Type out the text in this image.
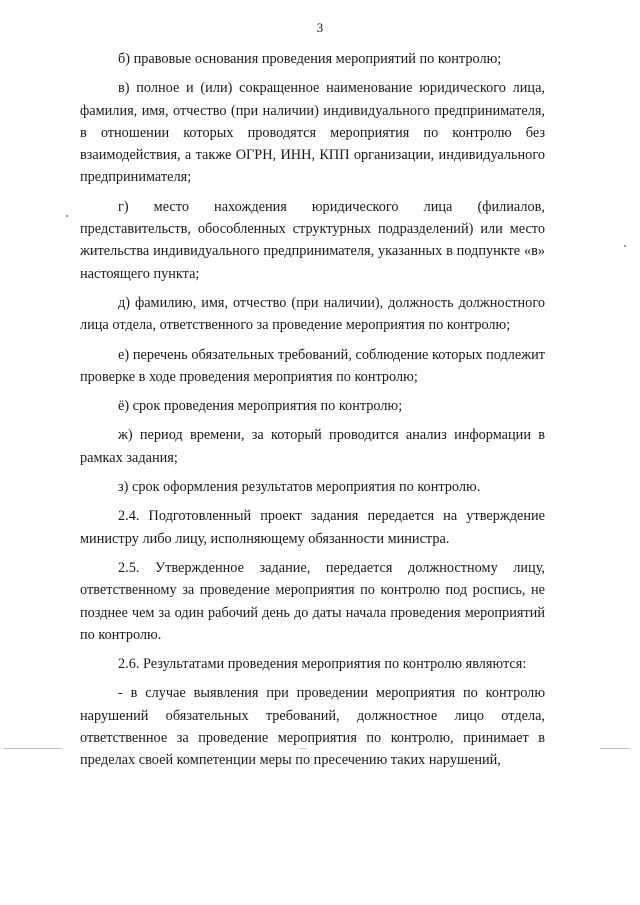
3

б) правовые основания проведения мероприятий по контролю;

в) полное и (или) сокращенное наименование юридического лица, фамилия, имя, отчество (при наличии) индивидуального предпринимателя, в отношении которых проводятся мероприятия по контролю без взаимодействия, а также ОГРН, ИНН, КПП организации, индивидуального предпринимателя;

г) место нахождения юридического лица (филиалов, представительств, обособленных структурных подразделений) или место жительства индивидуального предпринимателя, указанных в подпункте «в» настоящего пункта;

д) фамилию, имя, отчество (при наличии), должность должностного лица отдела, ответственного за проведение мероприятия по контролю;

е) перечень обязательных требований, соблюдение которых подлежит проверке в ходе проведения мероприятия по контролю;

ё) срок проведения мероприятия по контролю;

ж) период времени, за который проводится анализ информации в рамках задания;

з) срок оформления результатов мероприятия по контролю.

2.4. Подготовленный проект задания передается на утверждение министру либо лицу, исполняющему обязанности министра.

2.5. Утвержденное задание, передается должностному лицу, ответственному за проведение мероприятия по контролю под роспись, не позднее чем за один рабочий день до даты начала проведения мероприятий по контролю.

2.6. Результатами проведения мероприятия по контролю являются:

- в случае выявления при проведении мероприятия по контролю нарушений обязательных требований, должностное лицо отдела, ответственное за проведение мероприятия по контролю, принимает в пределах своей компетенции меры по пресечению таких нарушений,
